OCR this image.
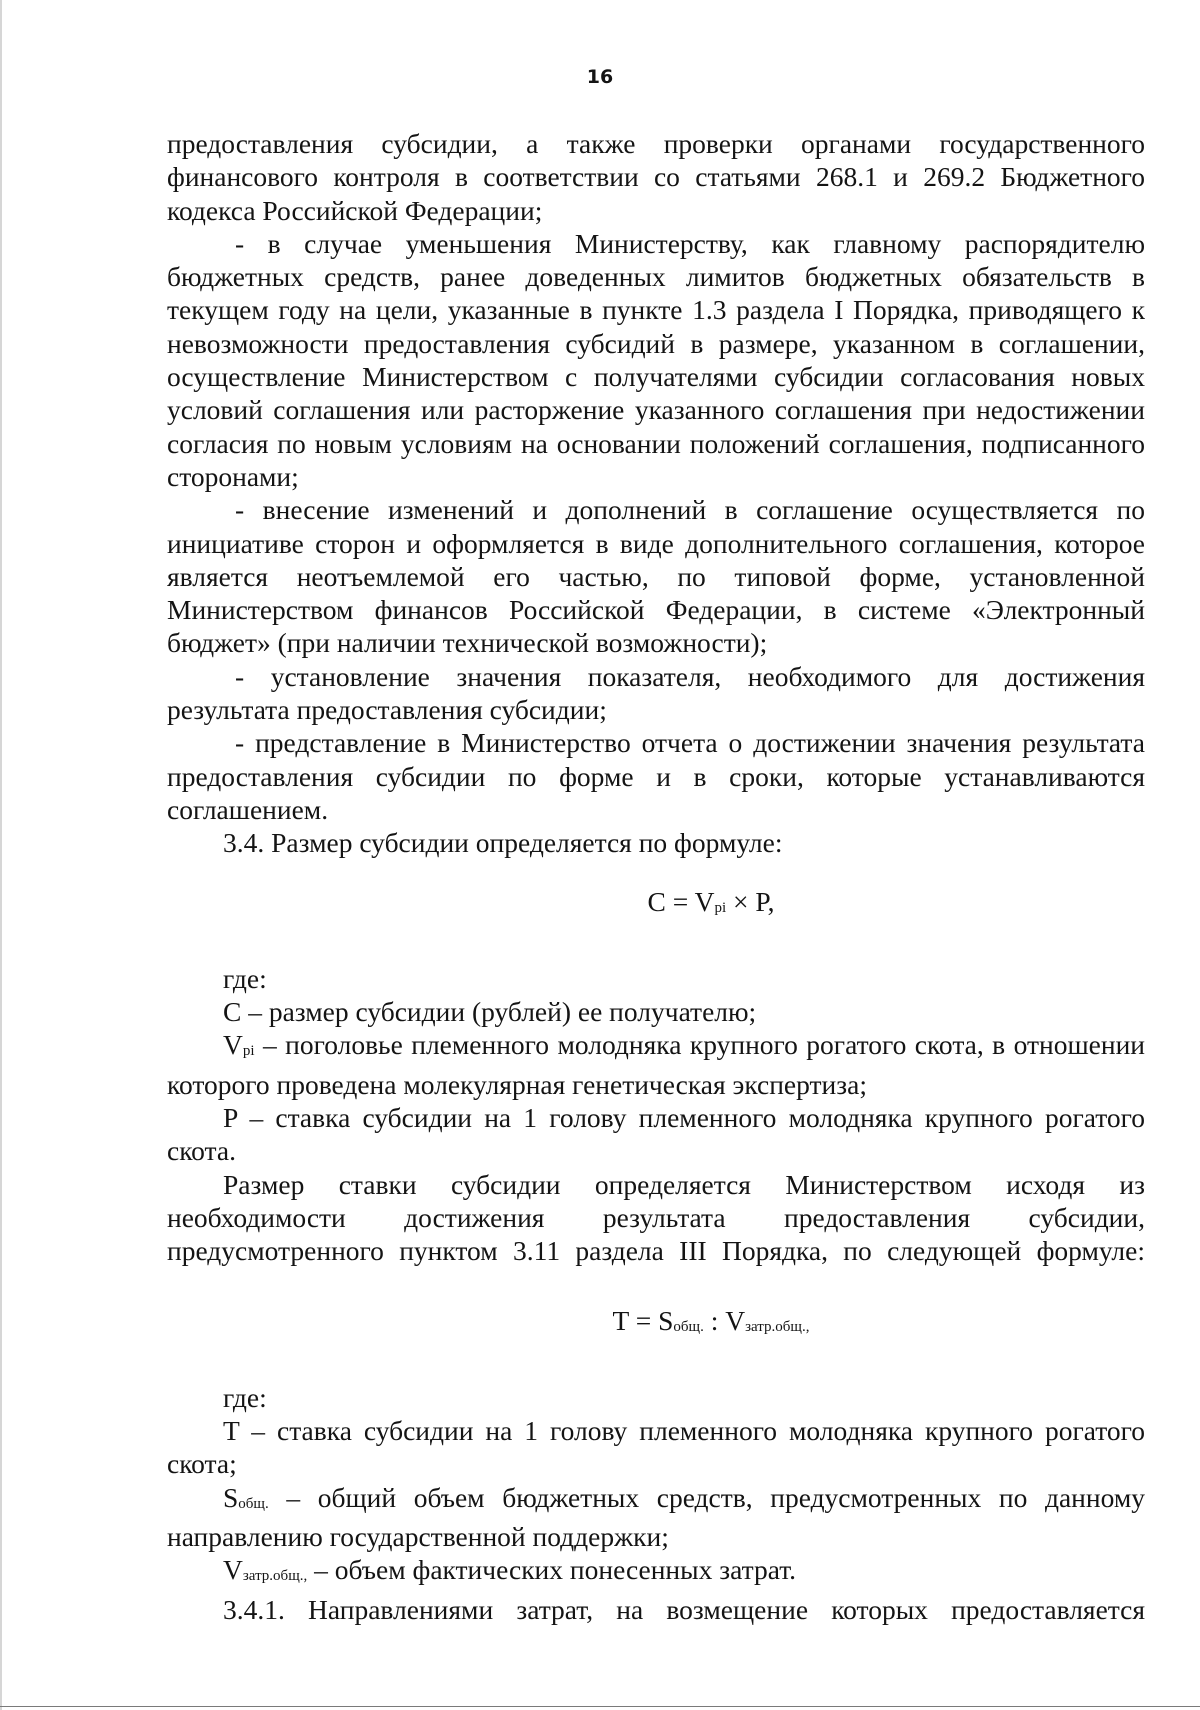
16

предоставления субсидии, а также проверки органами государственного финансового контроля в соответствии со статьями 268.1 и 269.2 Бюджетного кодекса Российской Федерации;

- в случае уменьшения Министерству, как главному распорядителю бюджетных средств, ранее доведенных лимитов бюджетных обязательств в текущем году на цели, указанные в пункте 1.3 раздела I Порядка, приводящего к невозможности предоставления субсидий в размере, указанном в соглашении, осуществление Министерством с получателями субсидии согласования новых условий соглашения или расторжение указанного соглашения при недостижении согласия по новым условиям на основании положений соглашения, подписанного сторонами;

- внесение изменений и дополнений в соглашение осуществляется по инициативе сторон и оформляется в виде дополнительного соглашения, которое является неотъемлемой его частью, по типовой форме, установленной Министерством финансов Российской Федерации, в системе «Электронный бюджет» (при наличии технической возможности);

- установление значения показателя, необходимого для достижения результата предоставления субсидии;

- представление в Министерство отчета о достижении значения результата предоставления субсидии по форме и в сроки, которые устанавливаются соглашением.

3.4. Размер субсидии определяется по формуле:

C = Vpi × P,

где:

C – размер субсидии (рублей) ее получателю;

Vpi – поголовье племенного молодняка крупного рогатого скота, в отношении которого проведена молекулярная генетическая экспертиза;

P – ставка субсидии на 1 голову племенного молодняка крупного рогатого скота.

Размер ставки субсидии определяется Министерством исходя из необходимости достижения результата предоставления субсидии, предусмотренного пунктом 3.11 раздела III Порядка, по следующей формуле:

T = Sобщ. : Vзатр.общ.,

где:

T – ставка субсидии на 1 голову племенного молодняка крупного рогатого скота;

Sобщ. – общий объем бюджетных средств, предусмотренных по данному направлению государственной поддержки;

Vзатр.общ., – объем фактических понесенных затрат.

3.4.1. Направлениями затрат, на возмещение которых предоставляется
